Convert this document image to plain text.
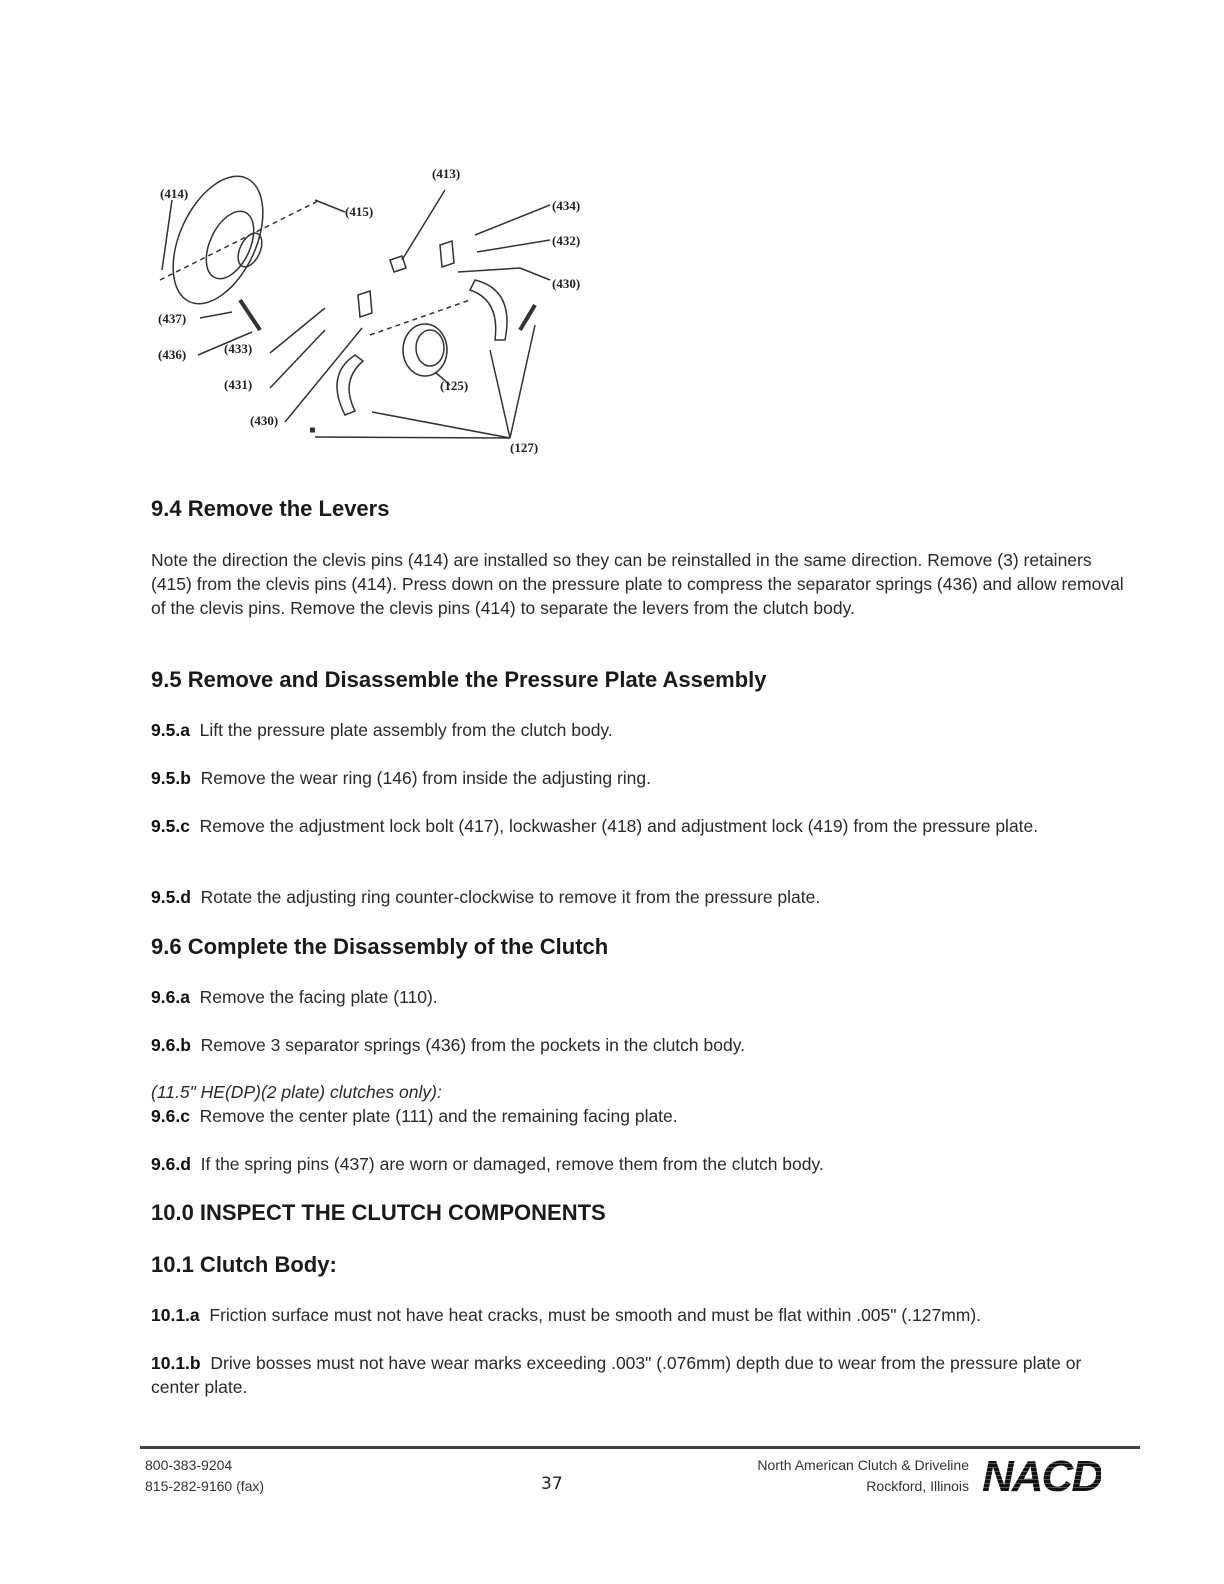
(414)
(415)
(413)
(434)
(432)
(430)
(437)
(436)	(433)
(431)
(430)
(125)
(127)
9.4 Remove the Levers

Note the direction the clevis pins (414) are installed so they can be reinstalled in the same direction. Remove (3) retainers (415) from the clevis pins (414). Press down on the pressure plate to compress the separator springs (436) and allow removal of the clevis pins. Remove the clevis pins (414) to separate the levers from the clutch body.

9.5 Remove and Disassemble the Pressure Plate Assembly

9.5.a Lift the pressure plate assembly from the clutch body.

9.5.b Remove the wear ring (146) from inside the adjusting ring.

9.5.c Remove the adjustment lock bolt (417), lockwasher (418) and adjustment lock (419) from the pressure plate.

9.5.d Rotate the adjusting ring counter-clockwise to remove it from the pressure plate.

9.6 Complete the Disassembly of the Clutch

9.6.a Remove the facing plate (110).

9.6.b Remove 3 separator springs (436) from the pockets in the clutch body.

(11.5" HE(DP)(2 plate) clutches only):

9.6.c Remove the center plate (111) and the remaining facing plate.

9.6.d If the spring pins (437) are worn or damaged, remove them from the clutch body.

10.0 INSPECT THE CLUTCH COMPONENTS
10.1 Clutch Body:

10.1.a Friction surface must not have heat cracks, must be smooth and must be flat within .005" (.127mm).

10.1.b Drive bosses must not have wear marks exceeding .003" (.076mm) depth due to wear from the pressure plate or center plate.

800-383-9204
815-282-9160 (fax)	37
North American Clutch & Driveline
Rockford, Illinois NACD
